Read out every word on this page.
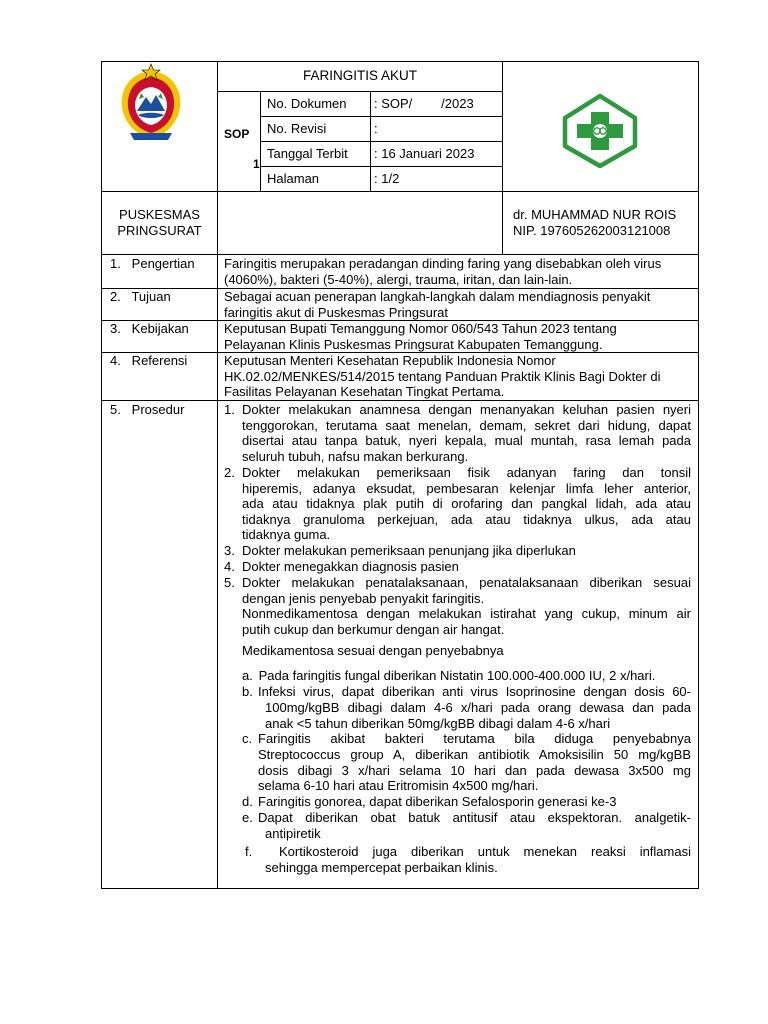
FARINGITIS AKUT
SOP
1
No. Dokumen : SOP/        /2023
No. Revisi	:
Tanggal Terbit : 16 Januari 2023
Halaman	: 1/2
PUSKESMAS
PRINGSURAT
dr. MUHAMMAD NUR ROIS
NIP. 197605262003121008
1.   Pengertian
2.   Tujuan
3.   Kebijakan
4.   Referensi
5.   Prosedur
Faringitis merupakan peradangan dinding faring yang disebabkan oleh virus
(4060%), bakteri (5-40%), alergi, trauma, iritan, dan lain-lain.
Sebagai acuan penerapan langkah-langkah dalam mendiagnosis penyakit
faringitis akut di Puskesmas Pringsurat
Keputusan Bupati Temanggung Nomor 060/543 Tahun 2023 tentang
Pelayanan Klinis Puskesmas Pringsurat Kabupaten Temanggung.
Keputusan Menteri Kesehatan Republik Indonesia Nomor
HK.02.02/MENKES/514/2015 tentang Panduan Praktik Klinis Bagi Dokter di
Fasilitas Pelayanan Kesehatan Tingkat Pertama.
1. Dokter melakukan anamnesa dengan menanyakan keluhan pasien nyeri
tenggorokan, terutama saat menelan, demam, sekret dari hidung, dapat
disertai atau tanpa batuk, nyeri kepala, mual muntah, rasa lemah pada
seluruh tubuh, nafsu makan berkurang.
2. Dokter melakukan pemeriksaan fisik adanyan faring dan tonsil
hiperemis, adanya eksudat, pembesaran kelenjar limfa leher anterior,
ada atau tidaknya plak putih di orofaring dan pangkal lidah, ada atau
tidaknya granuloma perkejuan, ada atau tidaknya ulkus, ada atau
tidaknya guma.
3. Dokter melakukan pemeriksaan penunjang jika diperlukan
4. Dokter menegakkan diagnosis pasien
5. Dokter melakukan penatalaksanaan, penatalaksanaan diberikan sesuai
dengan jenis penyebab penyakit faringitis.
Nonmedikamentosa dengan melakukan istirahat yang cukup, minum air
putih cukup dan berkumur dengan air hangat.
Medikamentosa sesuai dengan penyebabnya
a. Pada faringitis fungal diberikan Nistatin 100.000-400.000 IU, 2 x/hari.
b. Infeksi virus, dapat diberikan anti virus Isoprinosine dengan dosis 60-
100mg/kgBB dibagi dalam 4-6 x/hari pada orang dewasa dan pada
anak <5 tahun diberikan 50mg/kgBB dibagi dalam 4-6 x/hari
c. Faringitis akibat bakteri terutama bila diduga penyebabnya
Streptococcus group A, diberikan antibiotik Amoksisilin 50 mg/kgBB
dosis dibagi 3 x/hari selama 10 hari dan pada dewasa 3x500 mg
selama 6-10 hari atau Eritromisin 4x500 mg/hari.
d. Faringitis gonorea, dapat diberikan Sefalosporin generasi ke-3
e. Dapat diberikan obat batuk antitusif atau ekspektoran. analgetik-
antipiretik
f. Kortikosteroid juga diberikan untuk menekan reaksi inflamasi
sehingga mempercepat perbaikan klinis.
